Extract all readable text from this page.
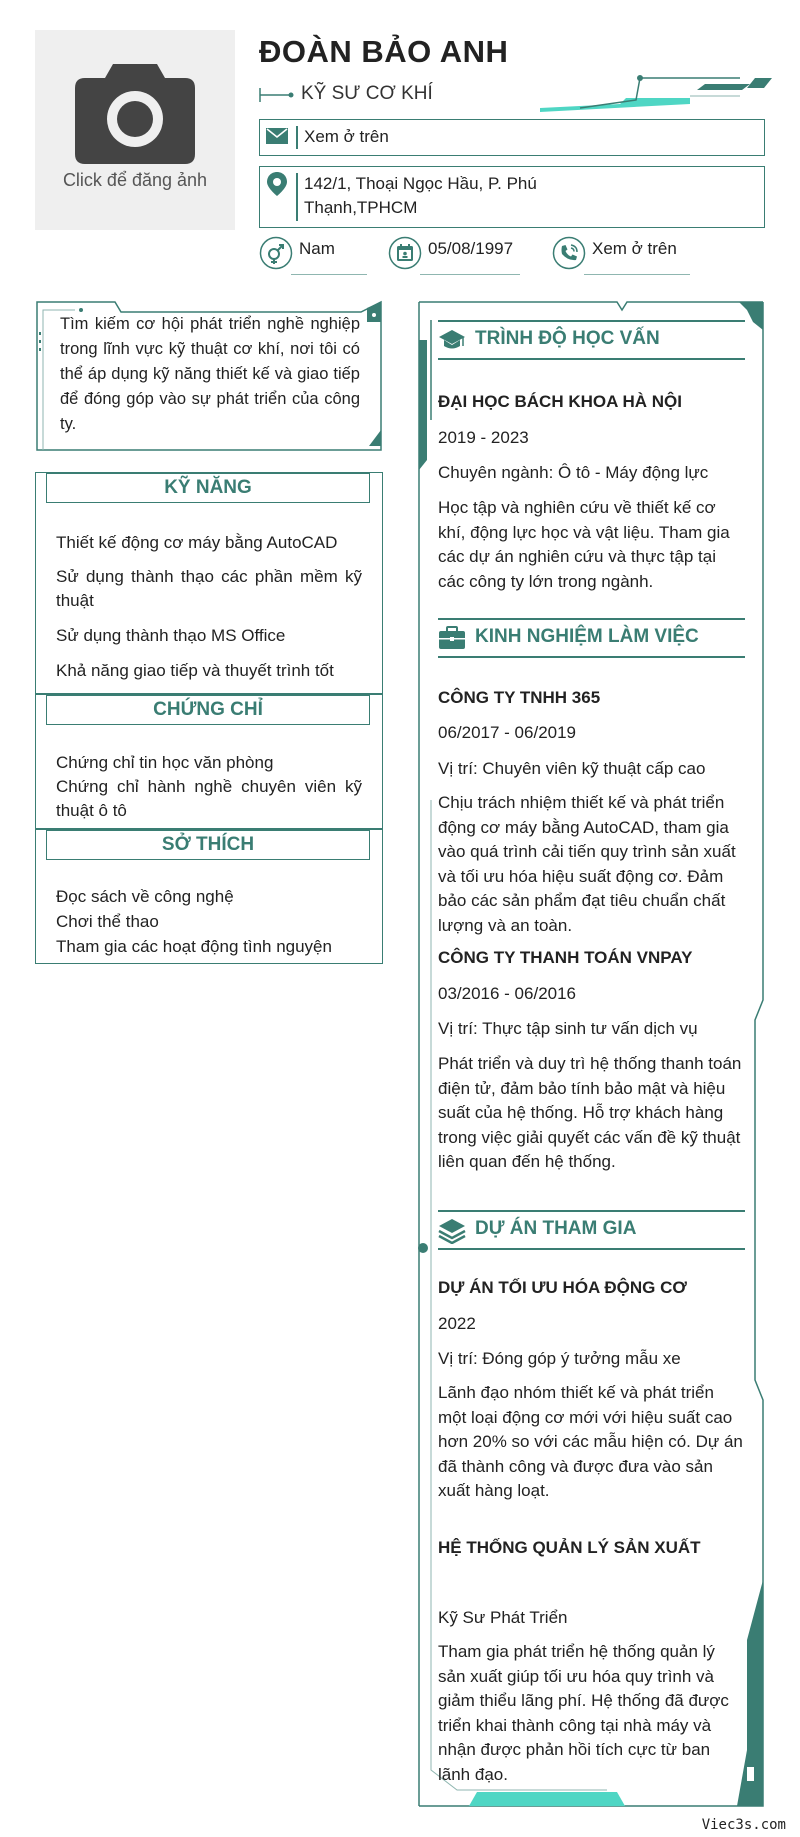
Click để đăng ảnh
ĐOÀN BẢO ANH
KỸ SƯ CƠ KHÍ
Xem ở trên
142/1, Thoại Ngọc Hầu, P. Phú Thạnh,TPHCM
Nam	05/08/1997	Xem ở trên
Tìm kiếm cơ hội phát triển nghề nghiệp trong lĩnh vực kỹ thuật cơ khí, nơi tôi có thể áp dụng kỹ năng thiết kế và giao tiếp để đóng góp vào sự phát triển của công ty.
KỸ NĂNG
Thiết kế động cơ máy bằng AutoCAD
Sử dụng thành thạo các phần mềm kỹ thuật
Sử dụng thành thạo MS Office
Khả năng giao tiếp và thuyết trình tốt
CHỨNG CHỈ
Chứng chỉ tin học văn phòng
Chứng chỉ hành nghề chuyên viên kỹ thuật ô tô
SỞ THÍCH
Đọc sách về công nghệ
Chơi thể thao
Tham gia các hoạt động tình nguyện
TRÌNH ĐỘ HỌC VẤN
ĐẠI HỌC BÁCH KHOA HÀ NỘI
2019 - 2023
Chuyên ngành: Ô tô - Máy động lực
Học tập và nghiên cứu về thiết kế cơ khí, động lực học và vật liệu. Tham gia các dự án nghiên cứu và thực tập tại các công ty lớn trong ngành.
KINH NGHIỆM LÀM VIỆC
CÔNG TY TNHH 365
06/2017 - 06/2019
Vị trí: Chuyên viên kỹ thuật cấp cao
Chịu trách nhiệm thiết kế và phát triển động cơ máy bằng AutoCAD, tham gia vào quá trình cải tiến quy trình sản xuất và tối ưu hóa hiệu suất động cơ. Đảm bảo các sản phẩm đạt tiêu chuẩn chất lượng và an toàn.
CÔNG TY THANH TOÁN VNPAY
03/2016 - 06/2016
Vị trí: Thực tập sinh tư vấn dịch vụ
Phát triển và duy trì hệ thống thanh toán điện tử, đảm bảo tính bảo mật và hiệu suất của hệ thống. Hỗ trợ khách hàng trong việc giải quyết các vấn đề kỹ thuật liên quan đến hệ thống.
DỰ ÁN THAM GIA
DỰ ÁN TỐI ƯU HÓA ĐỘNG CƠ
2022
Vị trí: Đóng góp ý tưởng mẫu xe
Lãnh đạo nhóm thiết kế và phát triển một loại động cơ mới với hiệu suất cao hơn 20% so với các mẫu hiện có. Dự án đã thành công và được đưa vào sản xuất hàng loạt.
HỆ THỐNG QUẢN LÝ SẢN XUẤT
Kỹ Sư Phát Triển
Tham gia phát triển hệ thống quản lý sản xuất giúp tối ưu hóa quy trình và giảm thiểu lãng phí. Hệ thống đã được triển khai thành công tại nhà máy và nhận được phản hồi tích cực từ ban lãnh đạo.
Viec3s.com
